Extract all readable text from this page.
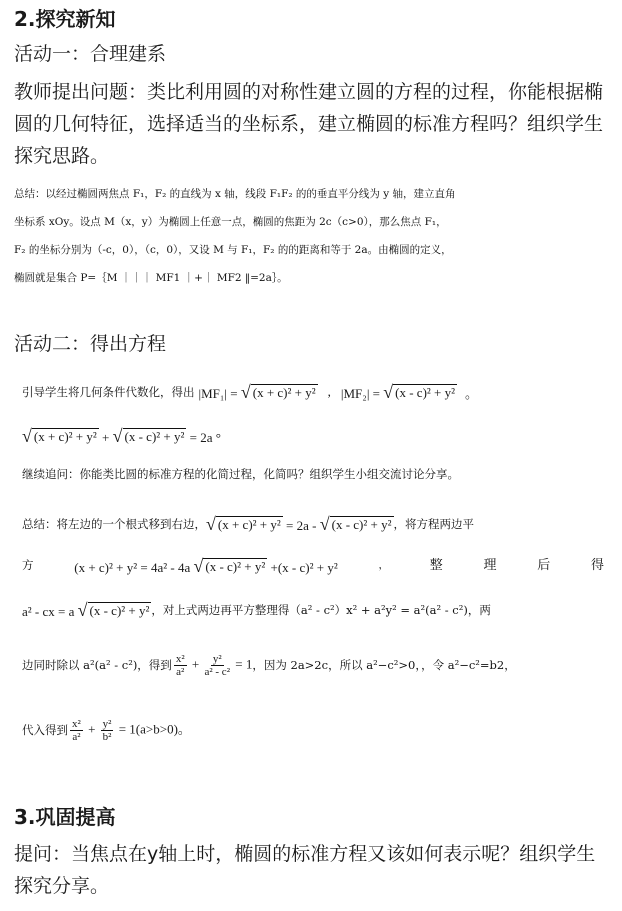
2.探究新知
活动一：合理建系
教师提出问题：类比利用圆的对称性建立圆的方程的过程，你能根据椭圆的几何特征，选择适当的坐标系，建立椭圆的标准方程吗？组织学生探究思路。
总结：以经过椭圆两焦点 F₁，F₂ 的直线为 x 轴，线段 F₁F₂ 的的垂直平分线为 y 轴，建立直角
坐标系 xOy。设点 M（x，y）为椭圆上任意一点，椭圆的焦距为 2c（c>0），那么焦点 F₁，
F₂ 的坐标分别为（-c，0），（c，0），又设 M 与 F₁，F₂ 的的距离和等于 2a。由椭圆的定义，
椭圆就是集合 P=｛M ｜｜｜ MF1 ｜+｜ MF2 ‖=2a｝。
活动二：得出方程
引导学生将几何条件代数化，得出 |MF₁| = √ (x + c)² + y² , |MF₂| = √ (x - c)² + y² 。
√ (x + c)² + y² + √ (x - c)² + y² = 2a °
继续追问：你能类比圆的标准方程的化简过程，化简吗？组织学生小组交流讨论分享。
总结：将左边的一个根式移到右边， √ (x + c)² + y² = 2a - √ (x - c)² + y² ，将方程两边平
方	(x + c)² + y² = 4a² - 4a √ (x - c)² + y² +(x - c)² + y²	，	整	理	后	得
a² - cx = a √ (x - c)² + y² ，对上式两边再平方整理得（a² - c²）x² + a²y² = a²(a² - c²)，两
边同时除以 a²(a² - c²)，得到 $\frac{\text{x²}}{\text{a²}} + \frac{\text{y²}}{\text{a² - c²}} = 1$ ，因为 2a>2c，所以 a²−c²>0，，令 a²−c²=b2，
代入得到 $\frac{\text{x²}}{\text{a²}} + \frac{\text{y²}}{\text{b²}} = 1(a>b>0)$。
3.巩固提高
提问：当焦点在y轴上时，椭圆的标准方程又该如何表示呢？组织学生探究分享。
